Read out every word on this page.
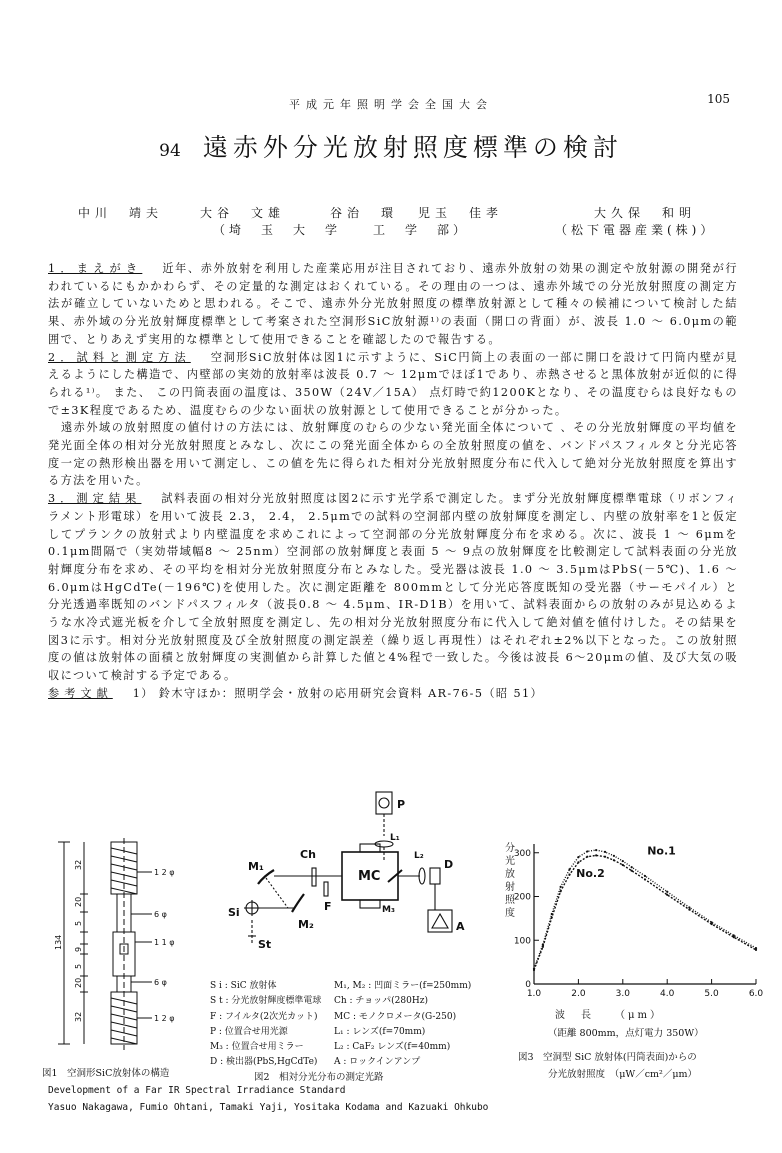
平成元年照明学会全国大会	105
94 遠赤外分光放射照度標準の検討
中川　靖夫	大谷　文雄	谷治　環 児玉　佳孝	大久保　和明
（埼　玉　大　学　　工　学　部）	（松下電器産業(株)）

1．まえがき 近年、赤外放射を利用した産業応用が注目されており、遠赤外放射の効果の測定や放射源の開発が行われているにもかかわらず、その定量的な測定はおくれている。その理由の一つは、遠赤外域での分光放射照度の測定方法が確立していないためと思われる。そこで、遠赤外分光放射照度の標準放射源として種々の候補について検討した結果、赤外域の分光放射輝度標準として考案された空洞形SiC放射源¹⁾の表面（開口の背面）が、波長 1.0 ～ 6.0μmの範囲で、とりあえず実用的な標準として使用できることを確認したので報告する。

2．試料と測定方法 空洞形SiC放射体は図1に示すように、SiC円筒上の表面の一部に開口を設けて円筒内壁が見えるようにした構造で、内壁部の実効的放射率は波長 0.7 ～ 12μmでほぼ1であり、赤熱させると黒体放射が近似的に得られる¹⁾。 また、 この円筒表面の温度は、350W（24V／15A） 点灯時で約1200Kとなり、その温度むらは良好なもので±3K程度であるため、温度むらの少ない面状の放射源として使用できることが分かった。

遠赤外域の放射照度の値付けの方法には、放射輝度のむらの少ない発光面全体について 、その分光放射輝度の平均値を発光面全体の相対分光放射照度とみなし、次にこの発光面全体からの全放射照度の値を、バンドパスフィルタと分光応答度一定の熱形検出器を用いて測定し、この値を先に得られた相対分光放射照度分布に代入して絶対分光放射照度を算出する方法を用いた。

3．測定結果 試料表面の相対分光放射照度は図2に示す光学系で測定した。まず分光放射輝度標準電球（リボンフィラメント形電球）を用いて波長 2.3， 2.4， 2.5μmでの試料の空洞部内壁の放射輝度を測定し、内壁の放射率を1と仮定してプランクの放射式より内壁温度を求めこれによって空洞部の分光放射輝度分布を求める。次に、波長 1 ～ 6μmを0.1μm間隔で（実効帯域幅8 ～ 25nm）空洞部の放射輝度と表面 5 ～ 9点の放射輝度を比較測定して試料表面の分光放射輝度分布を求め、その平均を相対分光放射照度分布とみなした。受光器は波長 1.0 ～ 3.5μmはPbS(－5℃)、1.6 ～ 6.0μmはHgCdTe(－196℃)を使用した。次に測定距離を 800mmとして分光応答度既知の受光器（サーモパイル）と分光透過率既知のバンドパスフィルタ（波長0.8 ～ 4.5μm、IR-D1B）を用いて、試料表面からの放射のみが見込めるような水冷式遮光板を介して全放射照度を測定し、先の相対分光放射照度分布に代入して絶対値を値付けした。その結果を図3に示す。相対分光放射照度及び全放射照度の測定誤差（繰り返し再現性）はそれぞれ±2%以下となった。この放射照度の値は放射体の面積と放射輝度の実測値から計算した値と4%程で一致した。今後は波長 6～20μmの値、及び大気の吸収について検討する予定である。

参考文献 1） 鈴木守ほか：照明学会・放射の応用研究会資料 AR-76-5（昭 51）

134
32
20
5
9
5
20
32
1 2 φ
6 φ
1 1 φ
6 φ
1 2 φ
図1　空洞形SiC放射体の構造
P
Ch
MC
L₁
L₂
D
M₁
M₂
M₃
F
Si
St
A
S i : SiC 放射体
S t : 分光放射輝度標準電球
F : フイルタ(2次光カット)
P : 位置合せ用光源
M₃ : 位置合せ用ミラー
D : 検出器(PbS,HgCdTe)
M₁, M₂ : 凹面ミラー(f=250mm)
Ch : チョッパ(280Hz)
MC : モノクロメータ(G-250)
L₁ : レンズ(f=70mm)
L₂ : CaF₂ レンズ(f=40mm)
A : ロックインアンプ
図2　相対分光分布の測定光路
分光放射照度
0
100
200
300
1.0	2.0	3.0	4.0	5.0	6.0
No.1
No.2
波　長　　（μm）
（距離 800mm，点灯電力 350W）
図3　空洞型 SiC 放射体(円筒表面)からの
分光放射照度　（μW／cm²／μm）
Development of a Far IR Spectral Irradiance Standard
Yasuo Nakagawa, Fumio Ohtani, Tamaki Yaji, Yositaka Kodama and Kazuaki Ohkubo
